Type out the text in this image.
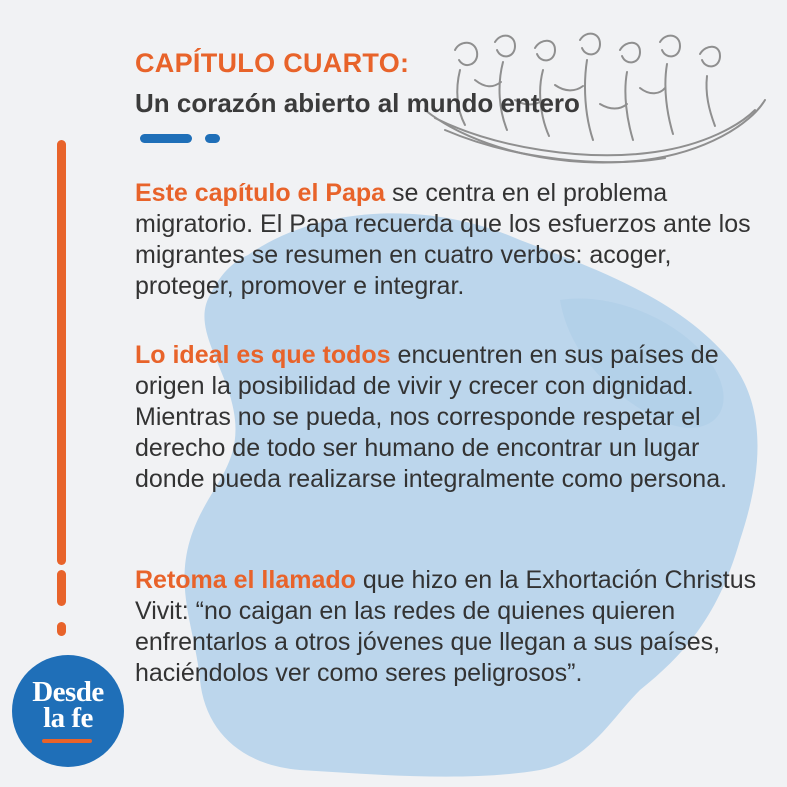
CAPÍTULO CUARTO:
Un corazón abierto al mundo entero

Este capítulo el Papa se centra en el problema migratorio. El Papa recuerda que los esfuerzos ante los migrantes se resumen en cuatro verbos: acoger, proteger, promover e integrar.

Lo ideal es que todos encuentren en sus países de origen la posibilidad de vivir y crecer con dignidad. Mientras no se pueda, nos corresponde respetar el derecho de todo ser humano de encontrar un lugar donde pueda realizarse integralmente como persona.

Retoma el llamado que hizo en la Exhortación Christus Vivit: “no caigan en las redes de quienes quieren enfrentarlos a otros jóvenes que llegan a sus países, haciéndolos ver como seres peligrosos”.

Desde
la fe
